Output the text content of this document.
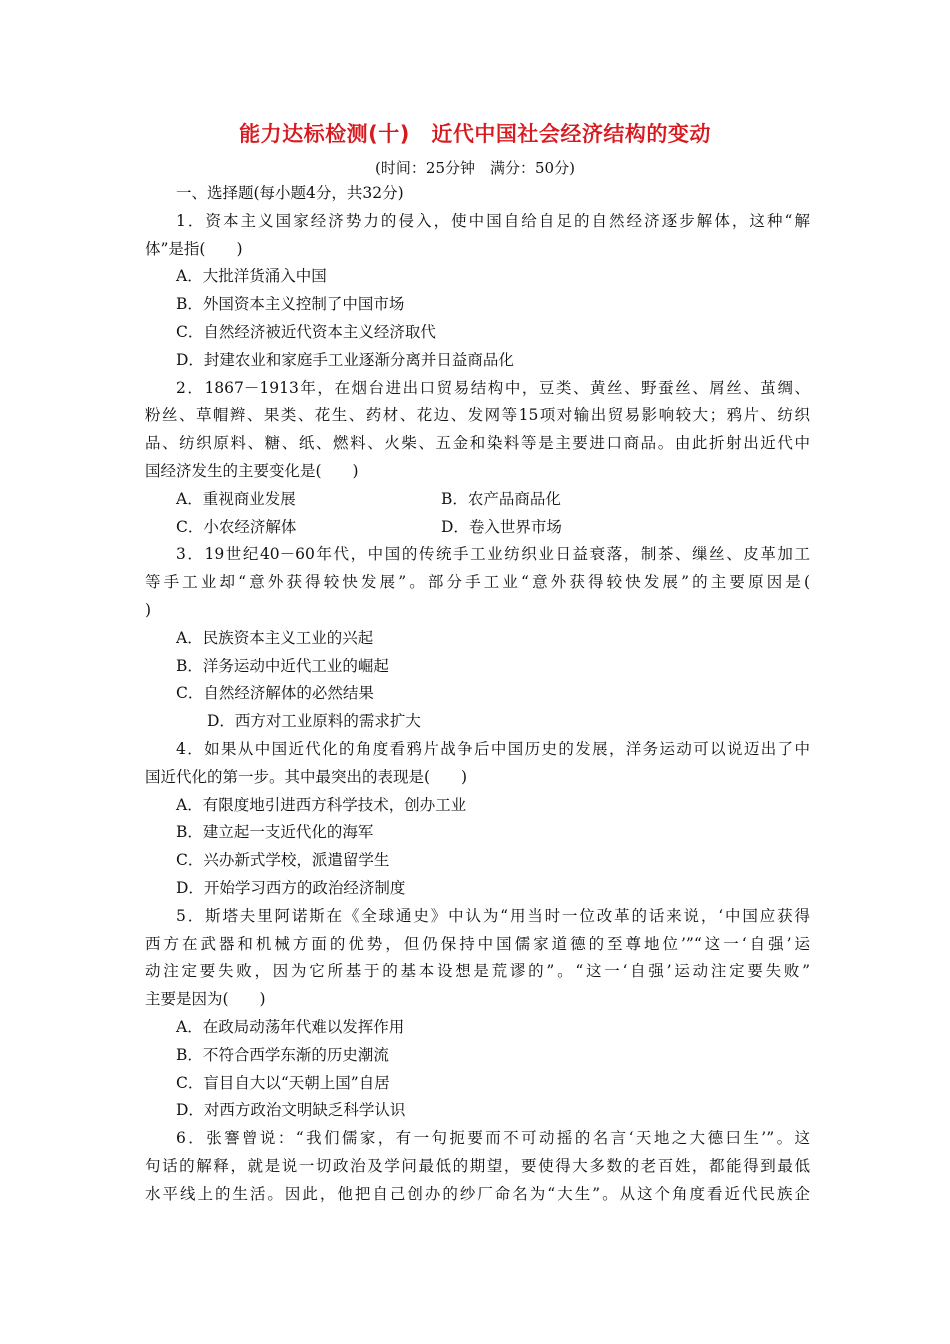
能力达标检测(十)　近代中国社会经济结构的变动
(时间：25分钟　满分：50分)
一、选择题(每小题4分，共32分)
1．资本主义国家经济势力的侵入，使中国自给自足的自然经济逐步解体，这种“解
体”是指(　　)
A．大批洋货涌入中国
B．外国资本主义控制了中国市场
C．自然经济被近代资本主义经济取代
D．封建农业和家庭手工业逐渐分离并日益商品化
2．1867－1913年，在烟台进出口贸易结构中，豆类、黄丝、野蚕丝、屑丝、茧绸、
粉丝、草帽辫、果类、花生、药材、花边、发网等15项对输出贸易影响较大；鸦片、纺织
品、纺织原料、糖、纸、燃料、火柴、五金和染料等是主要进口商品。由此折射出近代中
国经济发生的主要变化是(　　)
A．重视商业发展	B．农产品商品化
C．小农经济解体	D．卷入世界市场
3．19世纪40－60年代，中国的传统手工业纺织业日益衰落，制茶、缫丝、皮革加工
等手工业却“意外获得较快发展”。部分手工业“意外获得较快发展”的主要原因是(
)
A．民族资本主义工业的兴起
B．洋务运动中近代工业的崛起
C．自然经济解体的必然结果
D．西方对工业原料的需求扩大
4．如果从中国近代化的角度看鸦片战争后中国历史的发展，洋务运动可以说迈出了中
国近代化的第一步。其中最突出的表现是(　　)
A．有限度地引进西方科学技术，创办工业
B．建立起一支近代化的海军
C．兴办新式学校，派遣留学生
D．开始学习西方的政治经济制度
5．斯塔夫里阿诺斯在《全球通史》中认为“用当时一位改革的话来说，‘中国应获得
西方在武器和机械方面的优势，但仍保持中国儒家道德的至尊地位’”“这一‘自强’运
动注定要失败，因为它所基于的基本设想是荒谬的”。“这一‘自强’运动注定要失败”
主要是因为(　　)
A．在政局动荡年代难以发挥作用
B．不符合西学东渐的历史潮流
C．盲目自大以“天朝上国”自居
D．对西方政治文明缺乏科学认识
6．张謇曾说：“我们儒家，有一句扼要而不可动摇的名言‘天地之大德曰生’”。这
句话的解释，就是说一切政治及学问最低的期望，要使得大多数的老百姓，都能得到最低
水平线上的生活。因此，他把自己创办的纱厂命名为“大生”。从这个角度看近代民族企
